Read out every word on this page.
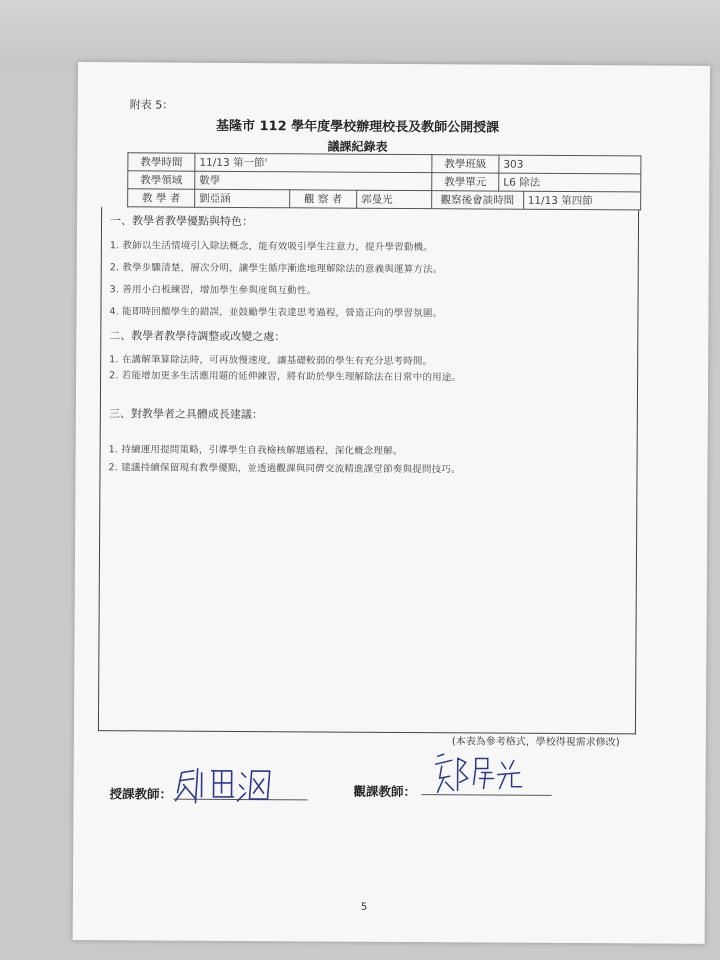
附表 5：
基隆市 112 學年度學校辦理校長及教師公開授課
議課紀錄表
教學時間	11/13 第一節'			教學班級	303	
教學領域	數學			教學單元	L6 除法	
教 學 者	劉亞涵	觀 察 者	郭曼光	觀察後會談時間		11/13 第四節
一、教學者教學優點與特色：
1. 教師以生活情境引入除法概念，能有效吸引學生注意力，提升學習動機。
2. 教學步驟清楚，層次分明，讓學生循序漸進地理解除法的意義與運算方法。
3. 善用小白板練習，增加學生參與度與互動性。
4. 能即時回饋學生的錯誤，並鼓勵學生表達思考過程，營造正向的學習氛圍。
二、教學者教學待調整或改變之處：
1. 在講解筆算除法時，可再放慢速度，讓基礎較弱的學生有充分思考時間。
2. 若能增加更多生活應用題的延伸練習，將有助於學生理解除法在日常中的用途。
三、對教學者之具體成長建議：
1. 持續運用提問策略，引導學生自我檢核解題過程，深化概念理解。
2. 建議持續保留現有教學優點，並透過觀課與同儕交流精進課堂節奏與提問技巧。
(本表為參考格式，學校得視需求修改)
授課教師：	觀課教師：
5
